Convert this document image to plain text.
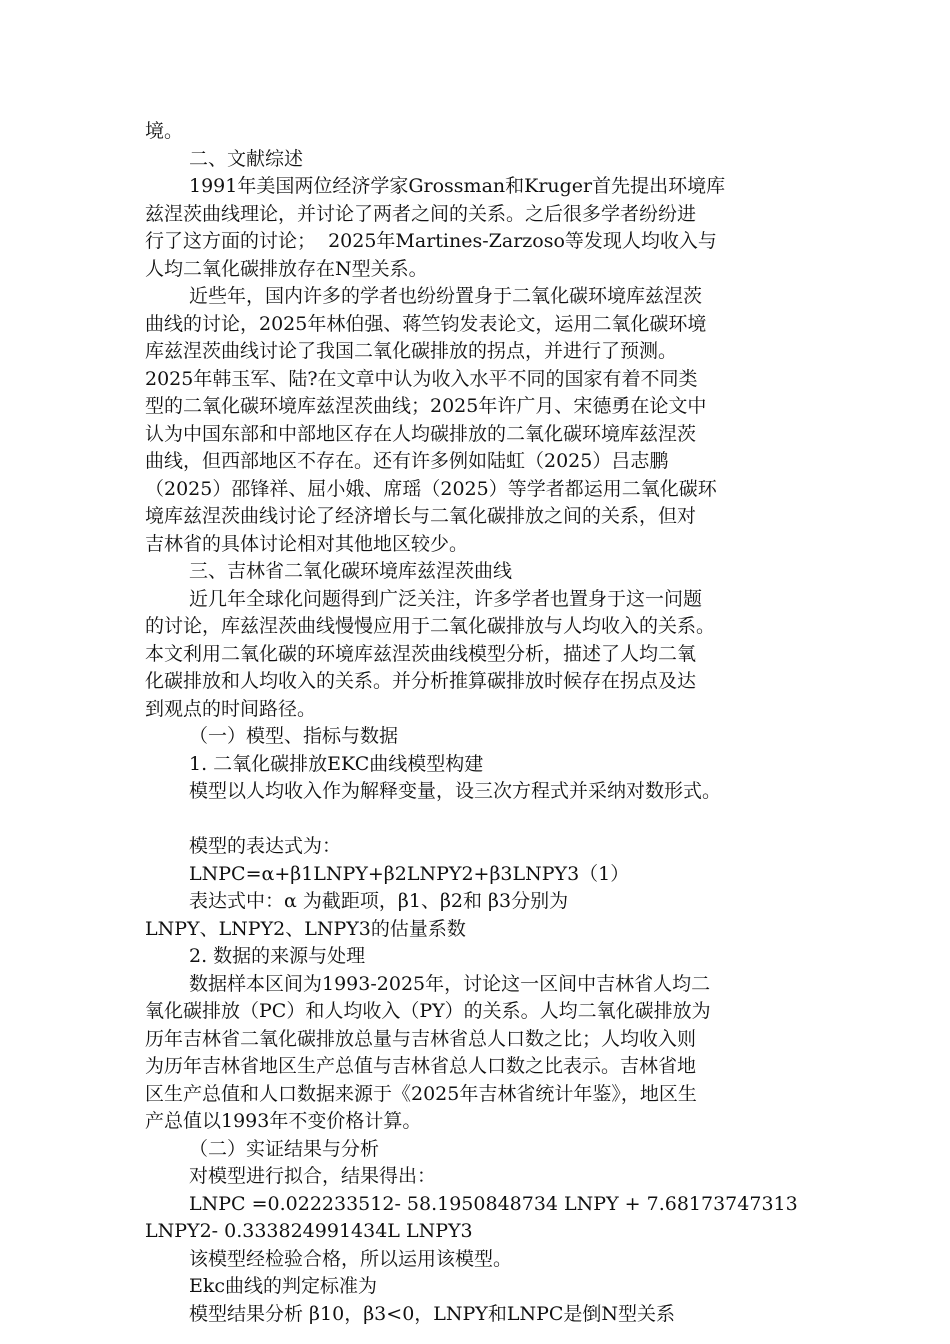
境。
二、文献综述
1991年美国两位经济学家Grossman和Kruger首先提出环境库
兹涅茨曲线理论，并讨论了两者之间的关系。之后很多学者纷纷进
行了这方面的讨论；  2025年Martines-Zarzoso等发现人均收入与
人均二氧化碳排放存在N型关系。
近些年，国内许多的学者也纷纷置身于二氧化碳环境库兹涅茨
曲线的讨论，2025年林伯强、蒋竺钧发表论文，运用二氧化碳环境
库兹涅茨曲线讨论了我国二氧化碳排放的拐点，并进行了预测。
2025年韩玉军、陆?在文章中认为收入水平不同的国家有着不同类
型的二氧化碳环境库兹涅茨曲线；2025年许广月、宋德勇在论文中
认为中国东部和中部地区存在人均碳排放的二氧化碳环境库兹涅茨
曲线，但西部地区不存在。还有许多例如陆虹（2025）吕志鹏
（2025）邵锋祥、屈小娥、席瑶（2025）等学者都运用二氧化碳环
境库兹涅茨曲线讨论了经济增长与二氧化碳排放之间的关系，但对
吉林省的具体讨论相对其他地区较少。
三、吉林省二氧化碳环境库兹涅茨曲线
近几年全球化问题得到广泛关注，许多学者也置身于这一问题
的讨论，库兹涅茨曲线慢慢应用于二氧化碳排放与人均收入的关系。
本文利用二氧化碳的环境库兹涅茨曲线模型分析，描述了人均二氧
化碳排放和人均收入的关系。并分析推算碳排放时候存在拐点及达
到观点的时间路径。
（一）模型、指标与数据
1. 二氧化碳排放EKC曲线模型构建
模型以人均收入作为解释变量，设三次方程式并采纳对数形式。
模型的表达式为：
LNPC=α+β1LNPY+β2LNPY2+β3LNPY3（1）
表达式中：α 为截距项，β1、β2和 β3分别为
LNPY、LNPY2、LNPY3的估量系数
2. 数据的来源与处理
数据样本区间为1993-2025年，讨论这一区间中吉林省人均二
氧化碳排放（PC）和人均收入（PY）的关系。人均二氧化碳排放为
历年吉林省二氧化碳排放总量与吉林省总人口数之比；人均收入则
为历年吉林省地区生产总值与吉林省总人口数之比表示。吉林省地
区生产总值和人口数据来源于《2025年吉林省统计年鉴》，地区生
产总值以1993年不变价格计算。
（二）实证结果与分析
对模型进行拟合，结果得出：
LNPC =0.022233512- 58.1950848734 LNPY + 7.68173747313
LNPY2- 0.333824991434L LNPY3
该模型经检验合格，所以运用该模型。
Ekc曲线的判定标准为
模型结果分析 β10，β3<0，LNPY和LNPC是倒N型关系
